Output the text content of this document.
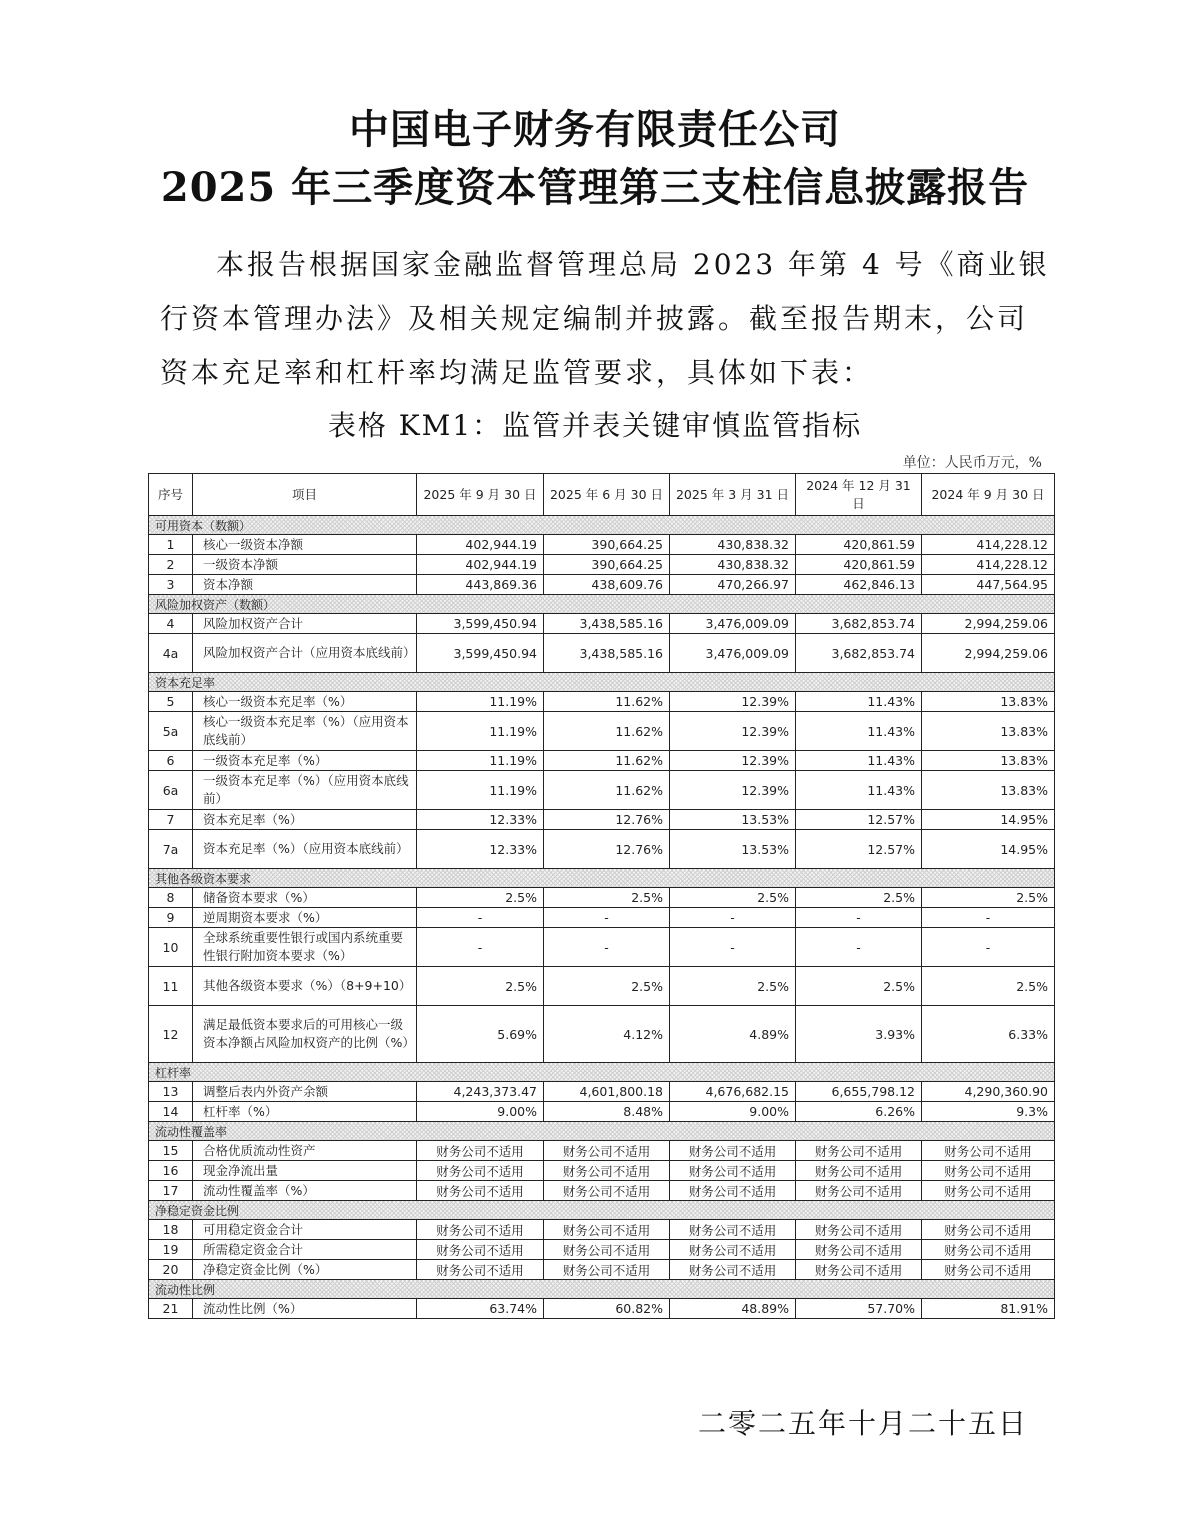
中国电子财务有限责任公司
2025 年三季度资本管理第三支柱信息披露报告
本报告根据国家金融监督管理总局 2023 年第 4 号《商业银
行资本管理办法》及相关规定编制并披露。截至报告期末，公司
资本充足率和杠杆率均满足监管要求，具体如下表：
表格 KM1：监管并表关键审慎监管指标
单位：人民币万元，%
序号	项目	2025 年 9 月 30 日	2025 年 6 月 30 日	2025 年 3 月 31 日	2024 年 12 月 31 日	2024 年 9 月 30 日
可用资本（数额）						
1	核心一级资本净额	402,944.19	390,664.25	430,838.32	420,861.59	414,228.12
2	一级资本净额	402,944.19	390,664.25	430,838.32	420,861.59	414,228.12
3	资本净额	443,869.36	438,609.76	470,266.97	462,846.13	447,564.95
风险加权资产（数额）						
4	风险加权资产合计	3,599,450.94	3,438,585.16	3,476,009.09	3,682,853.74	2,994,259.06
4a	风险加权资产合计（应用资本底线前）	3,599,450.94	3,438,585.16	3,476,009.09	3,682,853.74	2,994,259.06
资本充足率						
5	核心一级资本充足率（%）	11.19%	11.62%	12.39%	11.43%	13.83%
5a	核心一级资本充足率（%）（应用资本底线前）	11.19%	11.62%	12.39%	11.43%	13.83%
6	一级资本充足率（%）	11.19%	11.62%	12.39%	11.43%	13.83%
6a	一级资本充足率（%）（应用资本底线前）	11.19%	11.62%	12.39%	11.43%	13.83%
7	资本充足率（%）	12.33%	12.76%	13.53%	12.57%	14.95%
7a	资本充足率（%）（应用资本底线前）	12.33%	12.76%	13.53%	12.57%	14.95%
其他各级资本要求						
8	储备资本要求（%）	2.5%	2.5%	2.5%	2.5%	2.5%
9	逆周期资本要求（%）	-	-	-	-	-
10	全球系统重要性银行或国内系统重要性银行附加资本要求（%）	-	-	-	-	-
11	其他各级资本要求（%）（8+9+10）	2.5%	2.5%	2.5%	2.5%	2.5%
12	满足最低资本要求后的可用核心一级资本净额占风险加权资产的比例（%）	5.69%	4.12%	4.89%	3.93%	6.33%
杠杆率						
13	调整后表内外资产余额	4,243,373.47	4,601,800.18	4,676,682.15	6,655,798.12	4,290,360.90
14	杠杆率（%）	9.00%	8.48%	9.00%	6.26%	9.3%
流动性覆盖率						
15	合格优质流动性资产	财务公司不适用	财务公司不适用	财务公司不适用	财务公司不适用	财务公司不适用
16	现金净流出量	财务公司不适用	财务公司不适用	财务公司不适用	财务公司不适用	财务公司不适用
17	流动性覆盖率（%）	财务公司不适用	财务公司不适用	财务公司不适用	财务公司不适用	财务公司不适用
净稳定资金比例						
18	可用稳定资金合计	财务公司不适用	财务公司不适用	财务公司不适用	财务公司不适用	财务公司不适用
19	所需稳定资金合计	财务公司不适用	财务公司不适用	财务公司不适用	财务公司不适用	财务公司不适用
20	净稳定资金比例（%）	财务公司不适用	财务公司不适用	财务公司不适用	财务公司不适用	财务公司不适用
流动性比例						
21	流动性比例（%）	63.74%	60.82%	48.89%	57.70%	81.91%
二零二五年十月二十五日
